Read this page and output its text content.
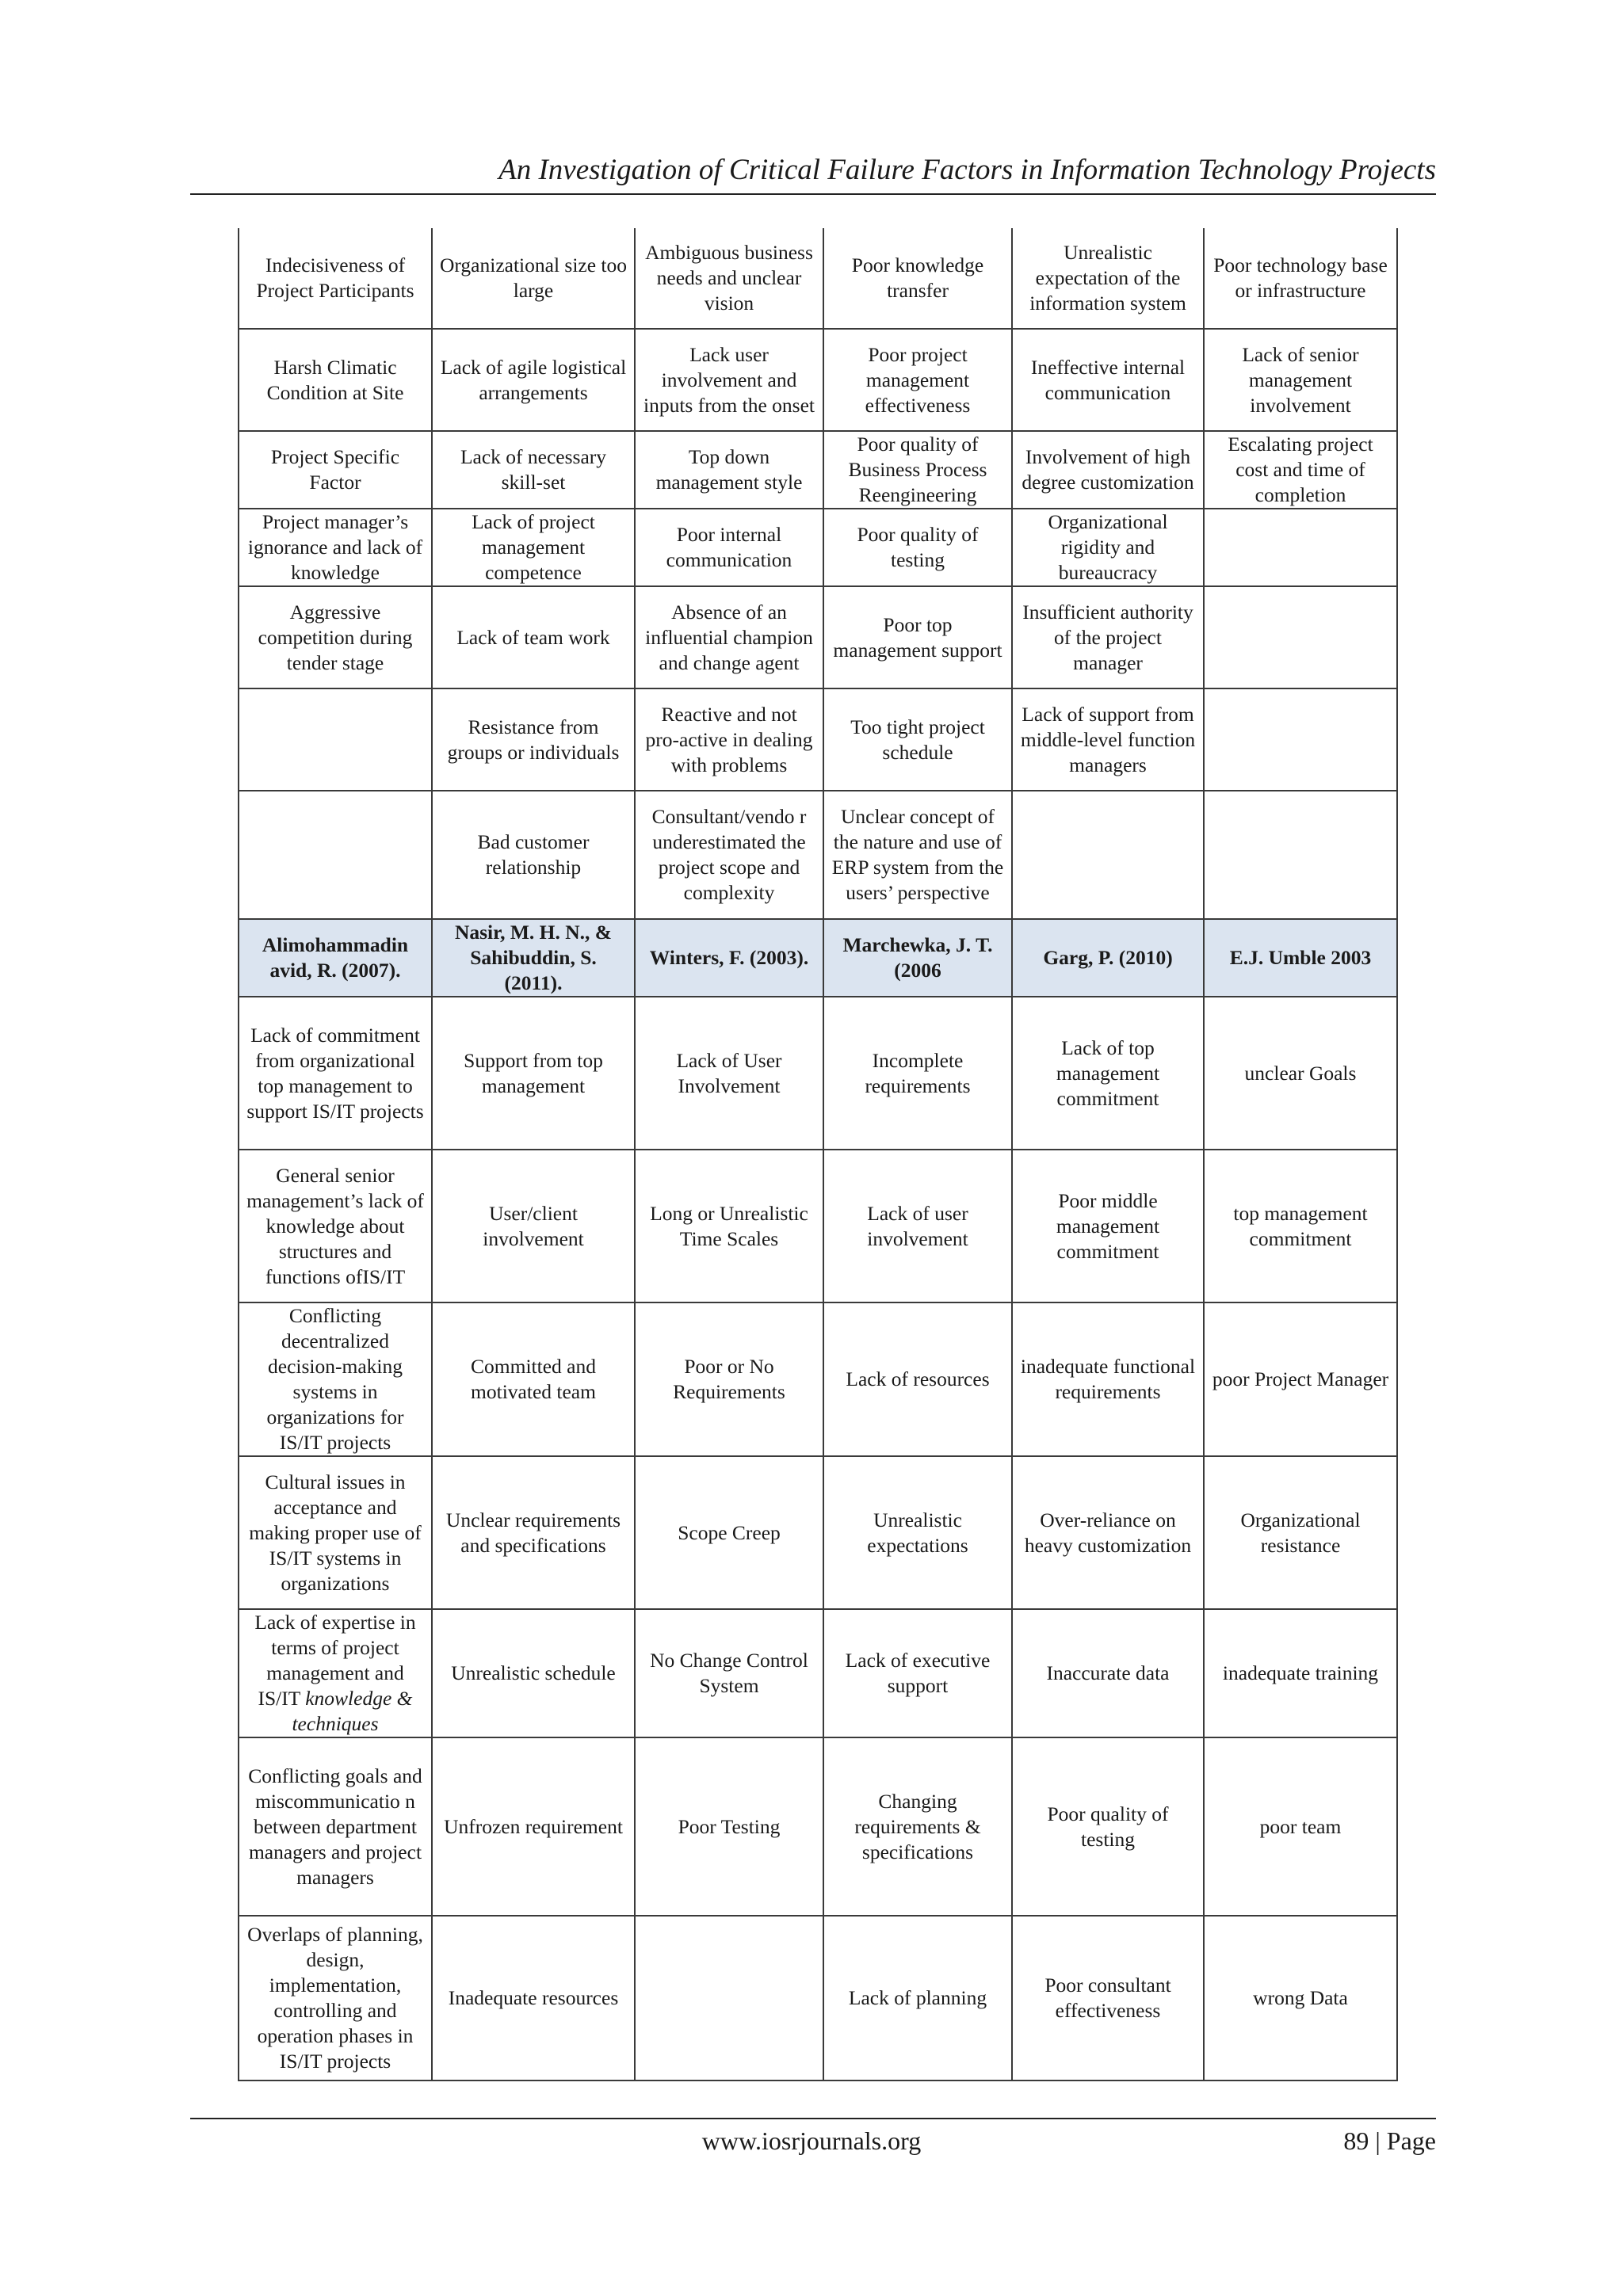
An Investigation of Critical Failure Factors in Information Technology Projects
Indecisiveness of Project Participants	Organizational size too large	Ambiguous business needs and unclear vision	Poor knowledge transfer	Unrealistic expectation of the information system	Poor technology base or infrastructure
Harsh Climatic Condition at Site	Lack of agile logistical arrangements	Lack user involvement and inputs from the onset	Poor project management effectiveness	Ineffective internal communication	Lack of senior management involvement
Project Specific Factor	Lack of necessary skill-set	Top down management style	Poor quality of Business Process Reengineering	Involvement of high degree customization	Escalating project cost and time of completion
Project manager’s ignorance and lack of knowledge	Lack of project management competence	Poor internal communication	Poor quality of testing	Organizational rigidity and bureaucracy	
Aggressive competition during tender stage	Lack of team work	Absence of an influential champion and change agent	Poor top management support	Insufficient authority of the project manager	
	Resistance from groups or individuals	Reactive and not pro-active in dealing with problems	Too tight project schedule	Lack of support from middle-level function managers	
	Bad customer relationship	Consultant/vendo r underestimated the project scope and complexity	Unclear concept of the nature and use of ERP system from the users’ perspective		
Alimohammadin avid, R. (2007).	Nasir, M. H. N., & Sahibuddin, S. (2011).	Winters, F. (2003).	Marchewka, J. T. (2006	Garg, P. (2010)	E.J. Umble 2003
Lack of commitment from organizational top management to support IS/IT projects	Support from top management	Lack of User Involvement	Incomplete requirements	Lack of top management commitment	unclear Goals
General senior management’s lack of knowledge about structures and functions ofIS/IT	User/client involvement	Long or Unrealistic Time Scales	Lack of user involvement	Poor middle management commitment	top management commitment
Conflicting decentralized decision-making systems in organizations for IS/IT projects	Committed and motivated team	Poor or No Requirements	Lack of resources	inadequate functional requirements	poor Project Manager
Cultural issues in acceptance and making proper use of IS/IT systems in organizations	Unclear requirements and specifications	Scope Creep	Unrealistic expectations	Over-reliance on heavy customization	Organizational resistance
Lack of expertise in terms of project management and IS/IT knowledge & techniques	Unrealistic schedule	No Change Control System	Lack of executive support	Inaccurate data	inadequate training
Conflicting goals and miscommunicatio n between department managers and project managers	Unfrozen requirement	Poor Testing	Changing requirements & specifications	Poor quality of testing	poor team
Overlaps of planning, design, implementation, controlling and operation phases in IS/IT projects	Inadequate resources		Lack of planning	Poor consultant effectiveness	wrong Data
www.iosrjournals.org	89 | Page
